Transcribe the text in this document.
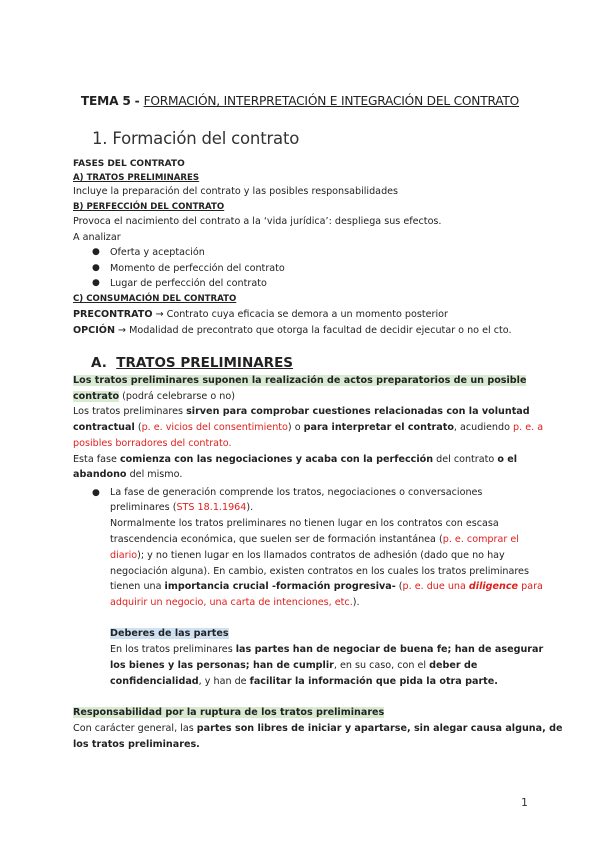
TEMA 5 - FORMACIÓN, INTERPRETACIÓN E INTEGRACIÓN DEL CONTRATO
1. Formación del contrato
FASES DEL CONTRATO
A) TRATOS PRELIMINARES
Incluye la preparación del contrato y las posibles responsabilidades
B) PERFECCIÓN DEL CONTRATO
Provoca el nacimiento del contrato a la ‘vida jurídica’: despliega sus efectos.
A analizar
● Oferta y aceptación
● Momento de perfección del contrato
● Lugar de perfección del contrato
C) CONSUMACIÓN DEL CONTRATO
PRECONTRATO → Contrato cuya eficacia se demora a un momento posterior
OPCIÓN → Modalidad de precontrato que otorga la facultad de decidir ejecutar o no el cto.
A. TRATOS PRELIMINARES
Los tratos preliminares suponen la realización de actos preparatorios de un posible
contrato (podrá celebrarse o no)
Los tratos preliminares sirven para comprobar cuestiones relacionadas con la voluntad
contractual (p. e. vicios del consentimiento) o para interpretar el contrato, acudiendo p. e. a
posibles borradores del contrato.
Esta fase comienza con las negociaciones y acaba con la perfección del contrato o el
abandono del mismo.
● La fase de generación comprende los tratos, negociaciones o conversaciones
preliminares (STS 18.1.1964).
Normalmente los tratos preliminares no tienen lugar en los contratos con escasa
trascendencia económica, que suelen ser de formación instantánea (p. e. comprar el
diario); y no tienen lugar en los llamados contratos de adhesión (dado que no hay
negociación alguna). En cambio, existen contratos en los cuales los tratos preliminares
tienen una importancia crucial -formación progresiva- (p. e. due una diligence para
adquirir un negocio, una carta de intenciones, etc.).
Deberes de las partes
En los tratos preliminares las partes han de negociar de buena fe; han de asegurar
los bienes y las personas; han de cumplir, en su caso, con el deber de
confidencialidad, y han de facilitar la información que pida la otra parte.
Responsabilidad por la ruptura de los tratos preliminares
Con carácter general, las partes son libres de iniciar y apartarse, sin alegar causa alguna, de
los tratos preliminares.
1
